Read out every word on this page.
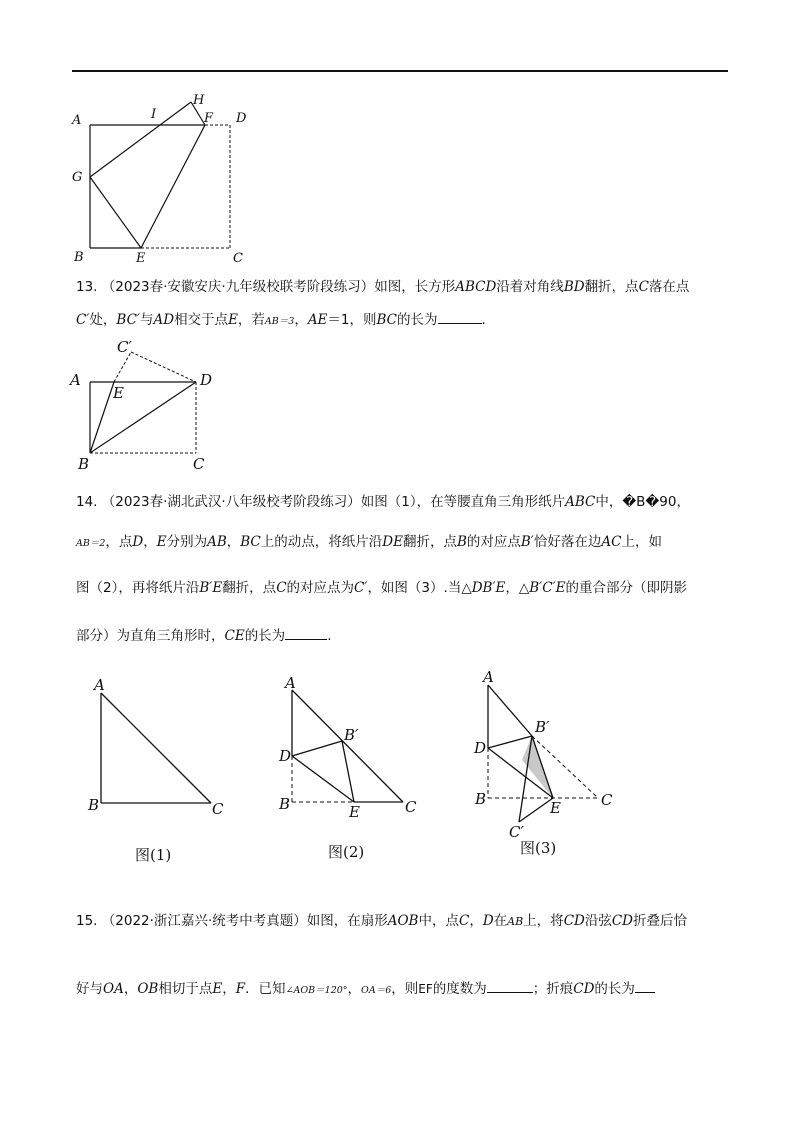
A	I
H
F D
G
B	E	C
13. （2023春·安徽安庆·九年级校联考阶段练习）如图，长方形ABCD沿着对角线BD翻折，点C落在点
C′处，BC′与AD相交于点E，若AB＝3，AE＝1，则BC的长为	.
C′
A
E
D
B	C
14. （2023春·湖北武汉·八年级校考阶段练习）如图（1），在等腰直角三角形纸片ABC中，�B�90，
AB＝2，点D，E分别为AB，BC上的动点，将纸片沿DE翻折，点B的对应点B′恰好落在边AC上，如
图（2），再将纸片沿B′E翻折，点C的对应点为C′，如图（3）.当△DB′E，△B′C′E的重合部分（即阴影
部分）为直角三角形时，CE的长为	.
A
B	C
图(1)
A
B′
D
B	E	C
图(2)
A
B′
D
B	E	C
C′
图(3)
15. （2022·浙江嘉兴·统考中考真题）如图，在扇形AOB中，点C，D在AB上，将CD沿弦CD折叠后恰
好与OA，OB相切于点E，F．已知∠AOB＝120°，OA＝6，则EF的度数为	；折痕CD的长为
